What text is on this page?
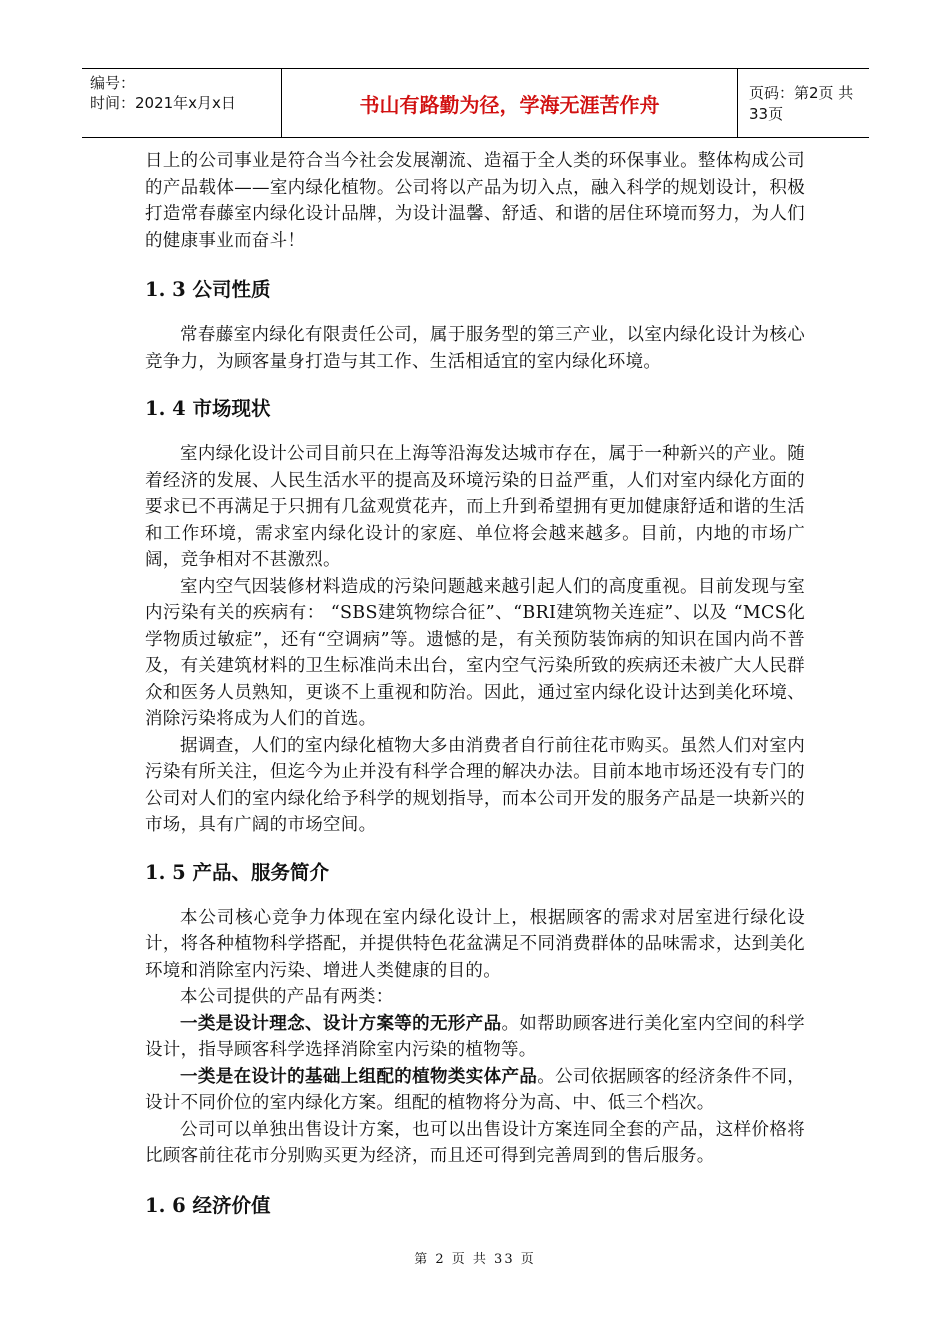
编号：
时间：2021年x月x日	书山有路勤为径，学海无涯苦作舟	页码：第2页 共33页

日上的公司事业是符合当今社会发展潮流、造福于全人类的环保事业。整体构成公司的产品载体——室内绿化植物。公司将以产品为切入点，融入科学的规划设计，积极打造常春藤室内绿化设计品牌，为设计温馨、舒适、和谐的居住环境而努力，为人们的健康事业而奋斗！

1. 3 公司性质

常春藤室内绿化有限责任公司，属于服务型的第三产业，以室内绿化设计为核心竞争力，为顾客量身打造与其工作、生活相适宜的室内绿化环境。

1. 4 市场现状

室内绿化设计公司目前只在上海等沿海发达城市存在，属于一种新兴的产业。随着经济的发展、人民生活水平的提高及环境污染的日益严重，人们对室内绿化方面的要求已不再满足于只拥有几盆观赏花卉，而上升到希望拥有更加健康舒适和谐的生活和工作环境，需求室内绿化设计的家庭、单位将会越来越多。目前，内地的市场广阔，竞争相对不甚激烈。

室内空气因装修材料造成的污染问题越来越引起人们的高度重视。目前发现与室内污染有关的疾病有： “SBS建筑物综合征”、“BRI建筑物关连症”、以及 “MCS化学物质过敏症”，还有“空调病”等。遗憾的是，有关预防装饰病的知识在国内尚不普及，有关建筑材料的卫生标准尚未出台，室内空气污染所致的疾病还未被广大人民群众和医务人员熟知，更谈不上重视和防治。因此，通过室内绿化设计达到美化环境、消除污染将成为人们的首选。

据调查，人们的室内绿化植物大多由消费者自行前往花市购买。虽然人们对室内污染有所关注，但迄今为止并没有科学合理的解决办法。目前本地市场还没有专门的公司对人们的室内绿化给予科学的规划指导，而本公司开发的服务产品是一块新兴的市场，具有广阔的市场空间。

1. 5 产品、服务简介

本公司核心竞争力体现在室内绿化设计上，根据顾客的需求对居室进行绿化设计，将各种植物科学搭配，并提供特色花盆满足不同消费群体的品味需求，达到美化环境和消除室内污染、增进人类健康的目的。

本公司提供的产品有两类：

一类是设计理念、设计方案等的无形产品。如帮助顾客进行美化室内空间的科学设计，指导顾客科学选择消除室内污染的植物等。

一类是在设计的基础上组配的植物类实体产品。公司依据顾客的经济条件不同，设计不同价位的室内绿化方案。组配的植物将分为高、中、低三个档次。

公司可以单独出售设计方案，也可以出售设计方案连同全套的产品，这样价格将比顾客前往花市分别购买更为经济，而且还可得到完善周到的售后服务。

1. 6 经济价值
第 2 页 共 33 页
